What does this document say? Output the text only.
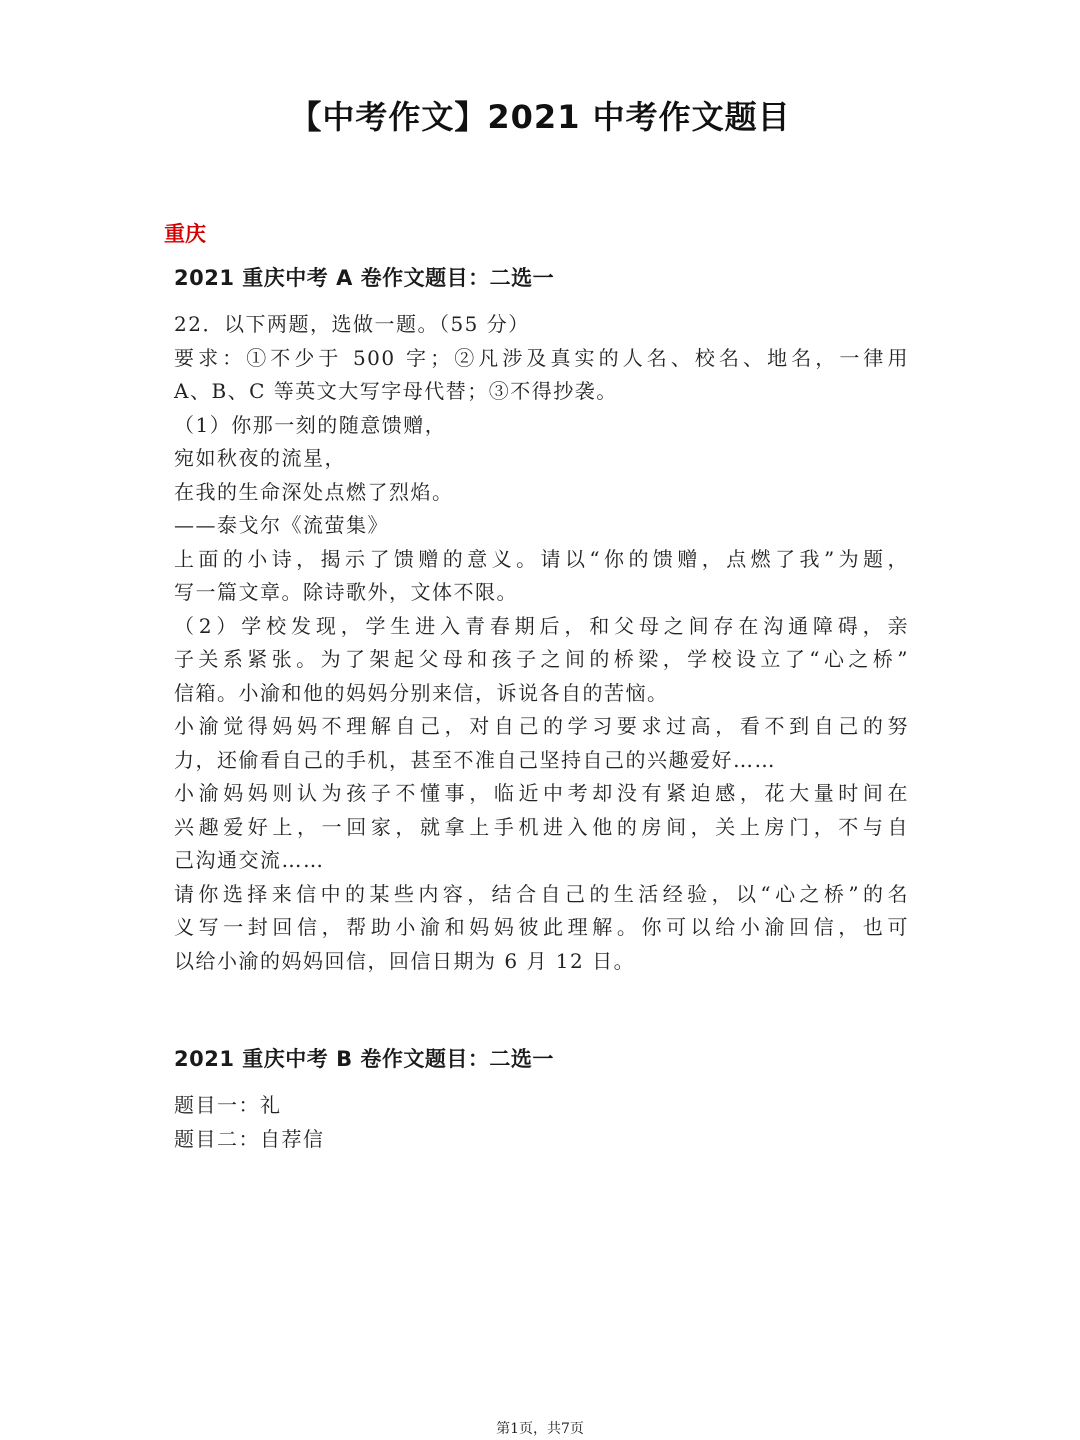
【中考作文】2021 中考作文题目
重庆
2021 重庆中考 A 卷作文题目：二选一
22．以下两题，选做一题。（55 分）
要求：①不少于 500 字；②凡涉及真实的人名、校名、地名，一律用
A、B、C 等英文大写字母代替；③不得抄袭。
（1）你那一刻的随意馈赠，
宛如秋夜的流星，
在我的生命深处点燃了烈焰。
——泰戈尔《流萤集》
上面的小诗，揭示了馈赠的意义。请以“你的馈赠，点燃了我”为题，
写一篇文章。除诗歌外，文体不限。
（2）学校发现，学生进入青春期后，和父母之间存在沟通障碍，亲
子关系紧张。为了架起父母和孩子之间的桥梁，学校设立了“心之桥”
信箱。小渝和他的妈妈分别来信，诉说各自的苦恼。
小渝觉得妈妈不理解自己，对自己的学习要求过高，看不到自己的努
力，还偷看自己的手机，甚至不准自己坚持自己的兴趣爱好……
小渝妈妈则认为孩子不懂事，临近中考却没有紧迫感，花大量时间在
兴趣爱好上，一回家，就拿上手机进入他的房间，关上房门，不与自
己沟通交流……
请你选择来信中的某些内容，结合自己的生活经验，以“心之桥”的名
义写一封回信，帮助小渝和妈妈彼此理解。你可以给小渝回信，也可
以给小渝的妈妈回信，回信日期为 6 月 12 日。
2021 重庆中考 B 卷作文题目：二选一
题目一：礼
题目二：自荐信
第1页，共7页
